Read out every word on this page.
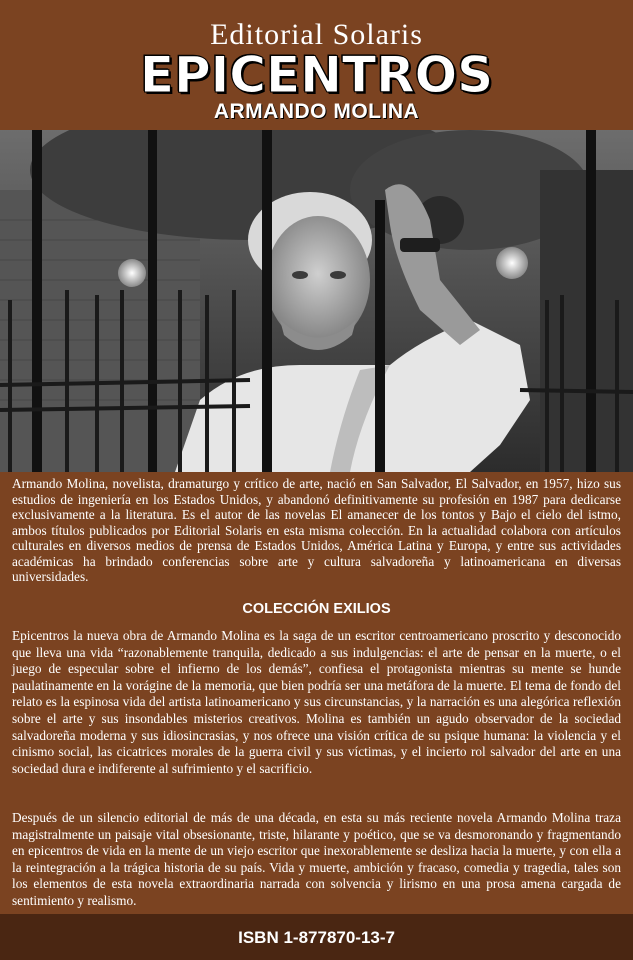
Editorial Solaris
EPICENTROS
ARMANDO MOLINA

Armando Molina, novelista, dramaturgo y crítico de arte, nació en San Salvador, El Salvador, en 1957, hizo sus estudios de ingeniería en los Estados Unidos, y abandonó definitivamente su profesión en 1987 para dedicarse exclusivamente a la literatura. Es el autor de las novelas El amanecer de los tontos y Bajo el cielo del istmo, ambos títulos publicados por Editorial Solaris en esta misma colección. En la actualidad colabora con artículos culturales en diversos medios de prensa de Estados Unidos, América Latina y Europa, y entre sus actividades académicas ha brindado conferencias sobre arte y cultura salvadoreña y latinoamericana en diversas universidades.

COLECCIÓN EXILIOS

Epicentros la nueva obra de Armando Molina es la saga de un escritor centroamericano proscrito y desconocido que lleva una vida “razonablemente tranquila, dedicado a sus indulgencias: el arte de pensar en la muerte, o el juego de especular sobre el infierno de los demás”, confiesa el protagonista mientras su mente se hunde paulatinamente en la vorágine de la memoria, que bien podría ser una metáfora de la muerte. El tema de fondo del relato es la espinosa vida del artista latinoamericano y sus circunstancias, y la narración es una alegórica reflexión sobre el arte y sus insondables misterios creativos. Molina es también un agudo observador de la sociedad salvadoreña moderna y sus idiosincrasias, y nos ofrece una visión crítica de su psique humana: la violencia y el cinismo social, las cicatrices morales de la guerra civil y sus víctimas, y el incierto rol salvador del arte en una sociedad dura e indiferente al sufrimiento y el sacrificio.

Después de un silencio editorial de más de una década, en esta su más reciente novela Armando Molina traza magistralmente un paisaje vital obsesionante, triste, hilarante y poético, que se va desmoronando y fragmentando en epicentros de vida en la mente de un viejo escritor que inexorablemente se desliza hacia la muerte, y con ella a la reintegración a la trágica historia de su país. Vida y muerte, ambición y fracaso, comedia y tragedia, tales son los elementos de esta novela extraordinaria narrada con solvencia y lirismo en una prosa amena cargada de sentimiento y realismo.

ISBN 1-877870-13-7
